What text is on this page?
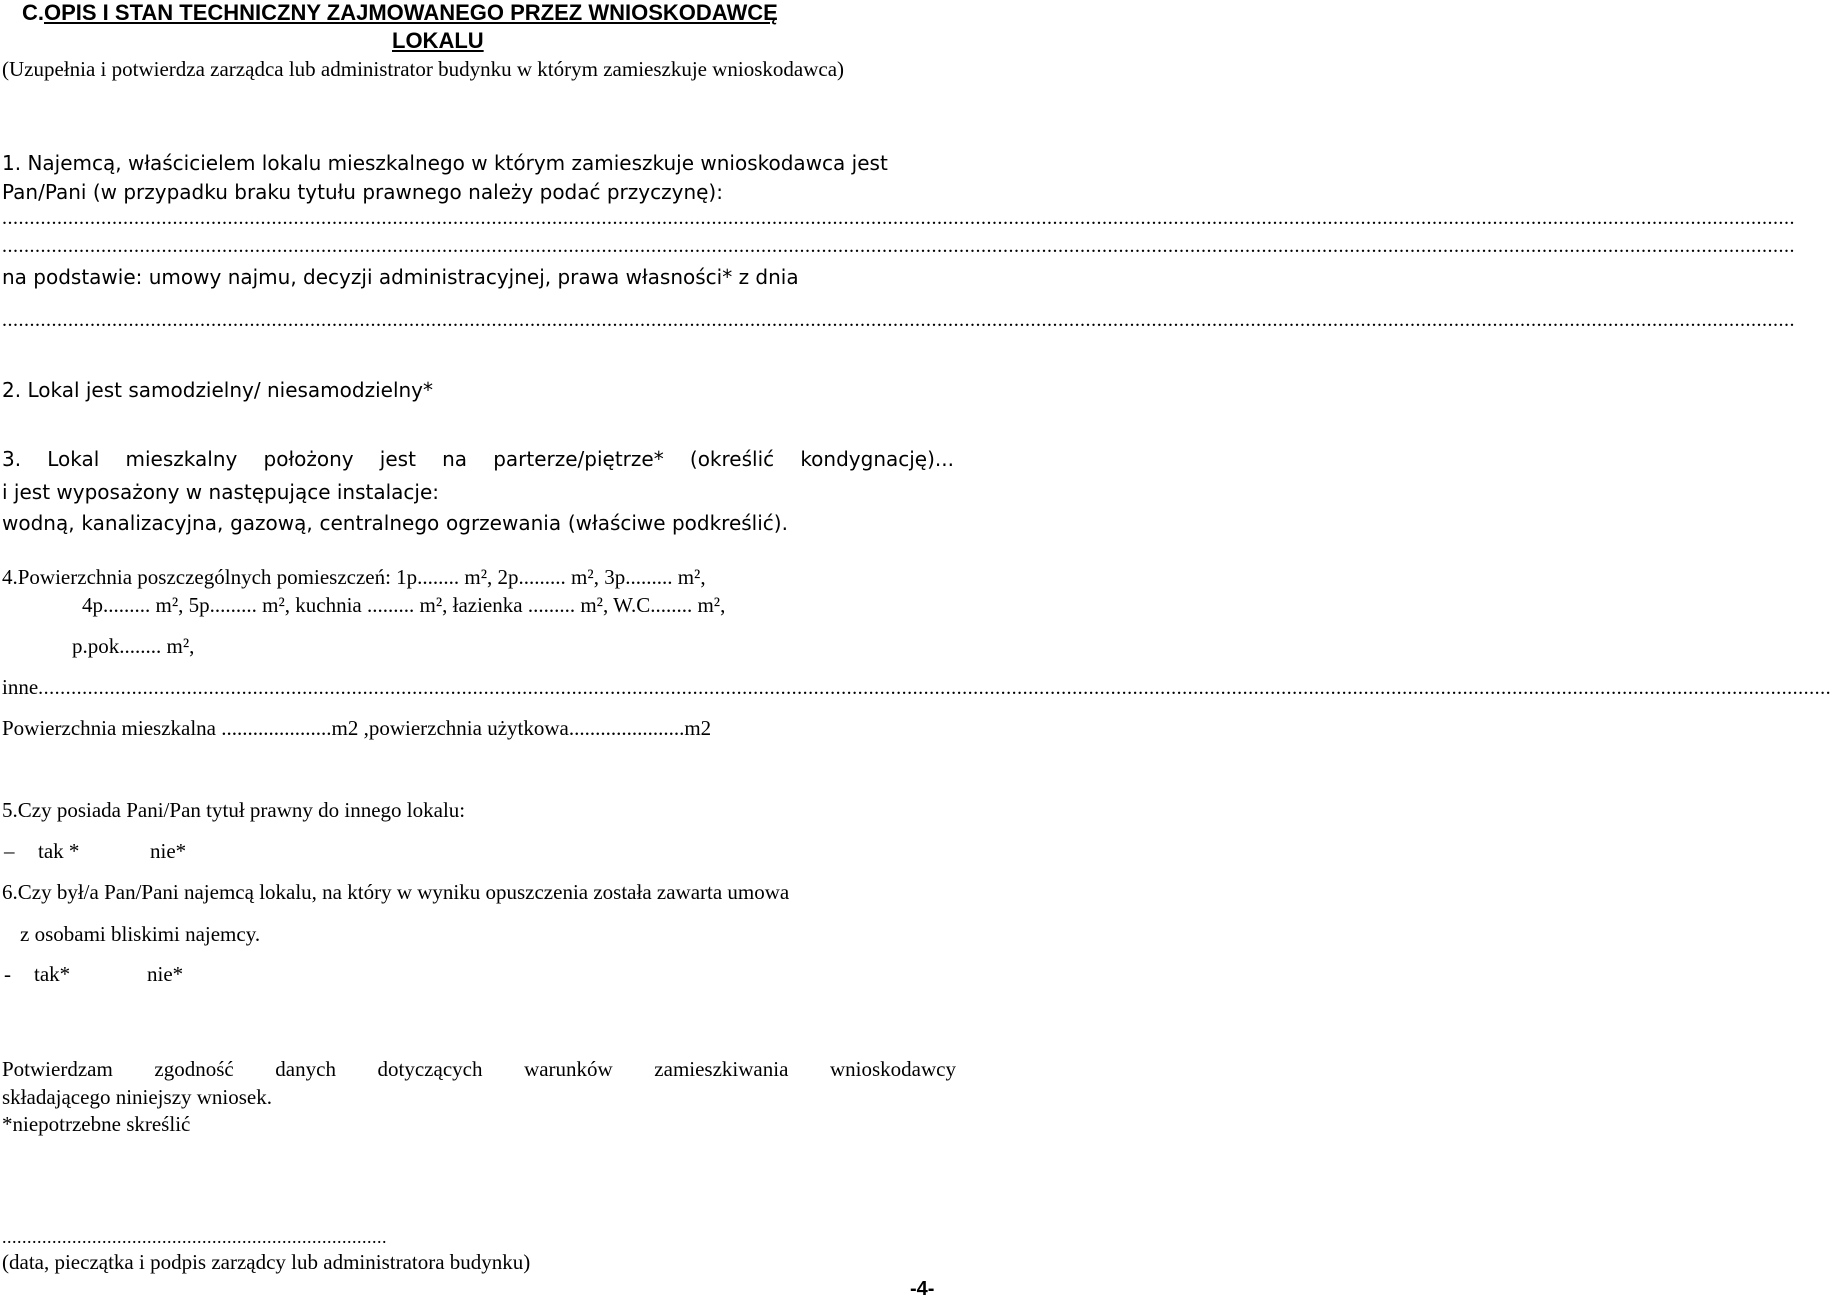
C.OPIS I STAN TECHNICZNY ZAJMOWANEGO PRZEZ WNIOSKODAWCĘ
LOKALU
(Uzupełnia i potwierdza zarządca lub administrator budynku w którym zamieszkuje wnioskodawca)
1. Najemcą, właścicielem lokalu mieszkalnego w którym zamieszkuje wnioskodawca jest
Pan/Pani (w przypadku braku tytułu prawnego należy podać przyczynę):
......................................................................................................................................................................................................................................................................................................................................
......................................................................................................................................................................................................................................................................................................................................
na podstawie: umowy najmu, decyzji administracyjnej, prawa własności* z dnia
......................................................................................................................................................................................................................................................................................................................................
2. Lokal jest samodzielny/ niesamodzielny*
3. Lokal mieszkalny położony jest na parterze/piętrze* (określić kondygnację)...
i jest wyposażony w następujące instalacje:
wodną, kanalizacyjna, gazową, centralnego ogrzewania (właściwe podkreślić).
4.Powierzchnia poszczególnych pomieszczeń: 1p........ m², 2p......... m², 3p......... m²,
4p......... m², 5p......... m², kuchnia ......... m², łazienka ......... m², W.C........ m²,
p.pok........ m²,
inne ......................................................................................................................................................................................................................................................................................................................................
Powierzchnia mieszkalna .....................m2 ,powierzchnia użytkowa......................m2
5.Czy posiada Pani/Pan tytuł prawny do innego lokalu:
– tak *	nie*
6.Czy był/a Pan/Pani najemcą lokalu, na który w wyniku opuszczenia została zawarta umowa
z osobami bliskimi najemcy.
- tak*	nie*
Potwierdzam zgodność danych dotyczących warunków zamieszkiwania wnioskodawcy
składającego niniejszy wniosek.
*niepotrzebne skreślić
.............................................................................
(data, pieczątka i podpis zarządcy lub administratora budynku)
-4-
